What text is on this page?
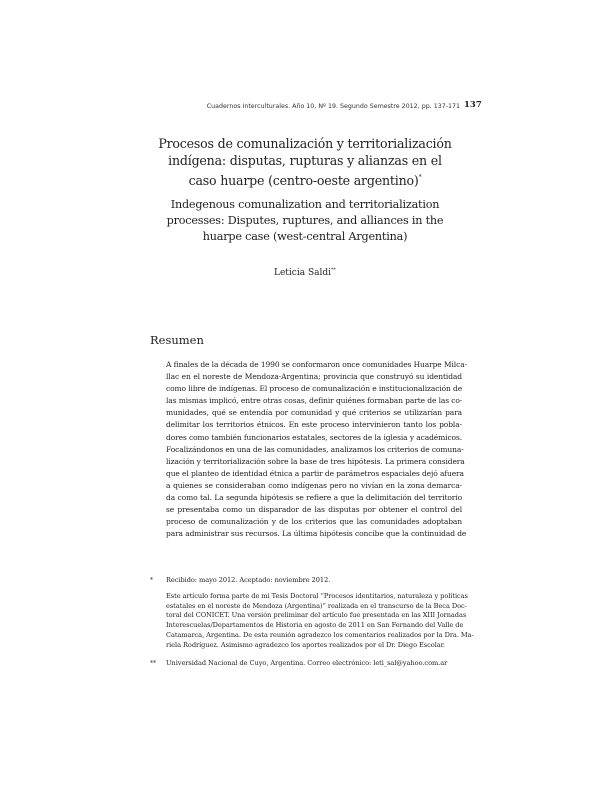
Cuadernos Interculturales. Año 10, Nº 19. Segundo Semestre 2012, pp. 137-171 137
Procesos de comunalización y territorialización
indígena: disputas, rupturas y alianzas en el
caso huarpe (centro-oeste argentino)*
Indegenous comunalization and territorialization
processes: Disputes, ruptures, and alliances in the
huarpe case (west-central Argentina)
Leticia Saldi**
Resumen
A finales de la década de 1990 se conformaron once comunidades Huarpe Milca-
llac en el noreste de Mendoza-Argentina; provincia que construyó su identidad
como libre de indígenas. El proceso de comunalización e institucionalización de
las mismas implicó, entre otras cosas, definir quiénes formaban parte de las co-
munidades, qué se entendía por comunidad y qué criterios se utilizarían para
delimitar los territorios étnicos. En este proceso intervinieron tanto los pobla-
dores como también funcionarios estatales, sectores de la iglesia y académicos.
Focalizándonos en una de las comunidades, analizamos los criterios de comuna-
lización y territorialización sobre la base de tres hipótesis. La primera considera
que el planteo de identidad étnica a partir de parámetros espaciales dejó afuera
a quienes se consideraban como indígenas pero no vivían en la zona demarca-
da como tal. La segunda hipótesis se refiere a que la delimitación del territorio
se presentaba como un disparador de las disputas por obtener el control del
proceso de comunalización y de los criterios que las comunidades adoptaban
para administrar sus recursos. La última hipótesis concibe que la continuidad de
* Recibido: mayo 2012. Aceptado: noviembre 2012.
Este artículo forma parte de mi Tesis Doctoral “Procesos identitarios, naturaleza y políticas
estatales en el noreste de Mendoza (Argentina)” realizada en el transcurso de la Beca Doc-
toral del CONICET. Una versión preliminar del artículo fue presentada en las XIII Jornadas
Interescuelas/Departamentos de Historia en agosto de 2011 en San Fernando del Valle de
Catamarca, Argentina. De esta reunión agradezco los comentarios realizados por la Dra. Ma-
riela Rodríguez. Asimismo agradezco los aportes realizados por el Dr. Diego Escolar.
** Universidad Nacional de Cuyo, Argentina. Correo electrónico: leti_sal@yahoo.com.ar
